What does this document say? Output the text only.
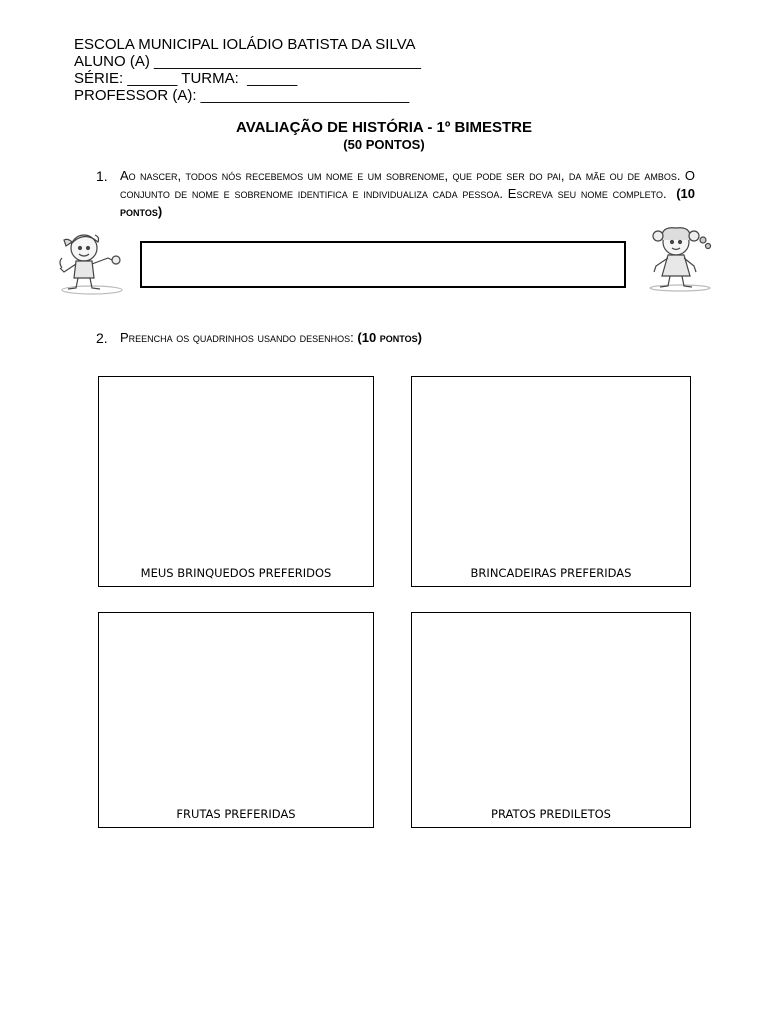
ESCOLA MUNICIPAL IOLÁDIO BATISTA DA SILVA
ALUNO (A) ________________________________
SÉRIE: ______ TURMA:  ______
PROFESSOR (A): _________________________
AVALIAÇÃO DE HISTÓRIA - 1º BIMESTRE
(50 PONTOS)
1. Ao nascer, todos nós recebemos um nome e um sobrenome, que pode ser do pai, da mãe ou de ambos. O conjunto de nome e sobrenome identifica e individualiza cada pessoa. Escreva seu nome completo. (10 pontos)
2. Preencha os quadrinhos usando desenhos: (10 pontos)
MEUS BRINQUEDOS PREFERIDOS	BRINCADEIRAS PREFERIDAS
FRUTAS PREFERIDAS	PRATOS PREDILETOS
